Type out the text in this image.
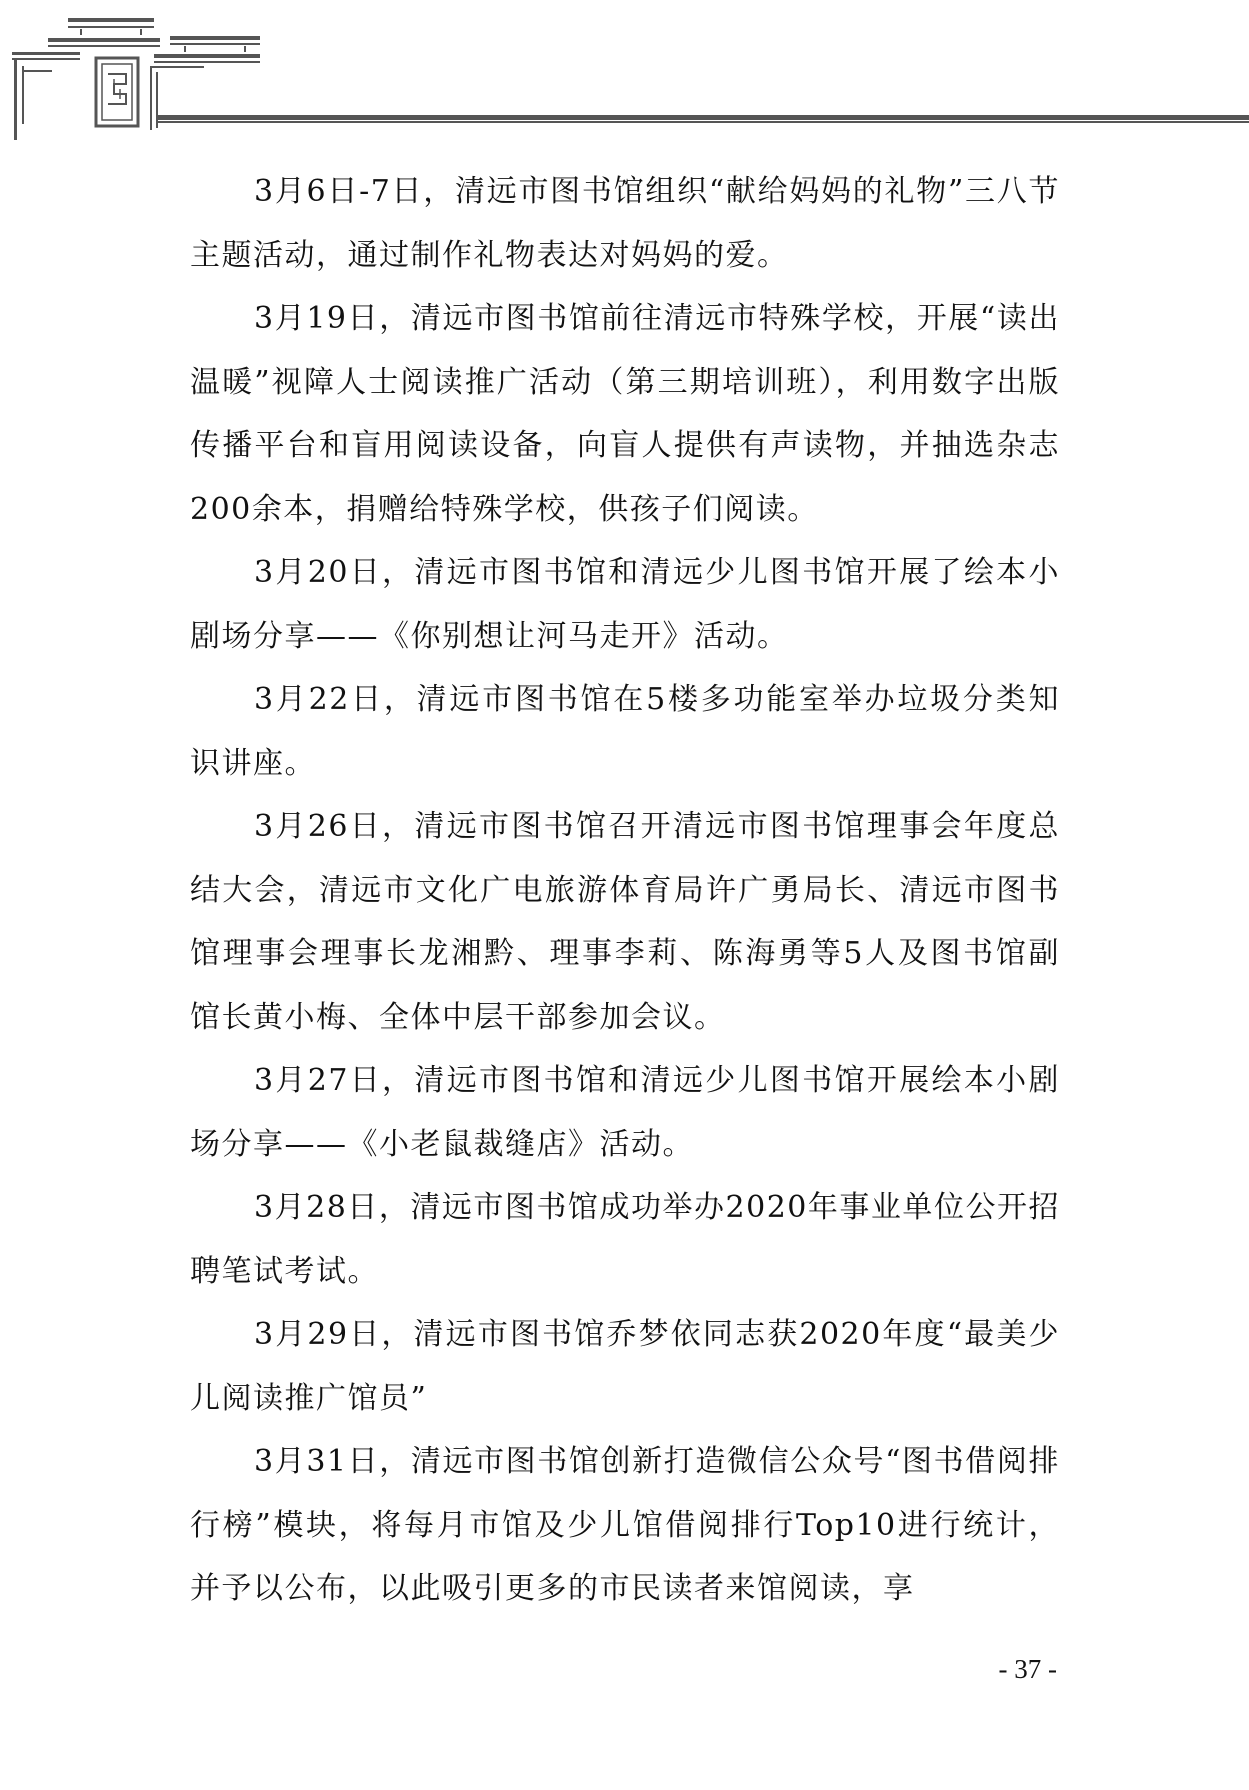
3月6日-7日，清远市图书馆组织“献给妈妈的礼物”三八节主题活动，通过制作礼物表达对妈妈的爱。

3月19日，清远市图书馆前往清远市特殊学校，开展“读出温暖”视障人士阅读推广活动（第三期培训班），利用数字出版传播平台和盲用阅读设备，向盲人提供有声读物，并抽选杂志200余本，捐赠给特殊学校，供孩子们阅读。

3月20日，清远市图书馆和清远少儿图书馆开展了绘本小剧场分享——《你别想让河马走开》活动。

3月22日，清远市图书馆在5楼多功能室举办垃圾分类知识讲座。

3月26日，清远市图书馆召开清远市图书馆理事会年度总结大会，清远市文化广电旅游体育局许广勇局长、清远市图书馆理事会理事长龙湘黔、理事李莉、陈海勇等5人及图书馆副馆长黄小梅、全体中层干部参加会议。

3月27日，清远市图书馆和清远少儿图书馆开展绘本小剧场分享——《小老鼠裁缝店》活动。

3月28日，清远市图书馆成功举办2020年事业单位公开招聘笔试考试。

3月29日，清远市图书馆乔梦依同志获2020年度“最美少儿阅读推广馆员”

3月31日，清远市图书馆创新打造微信公众号“图书借阅排行榜”模块，将每月市馆及少儿馆借阅排行Top10进行统计，并予以公布，以此吸引更多的市民读者来馆阅读，享

- 37 -
